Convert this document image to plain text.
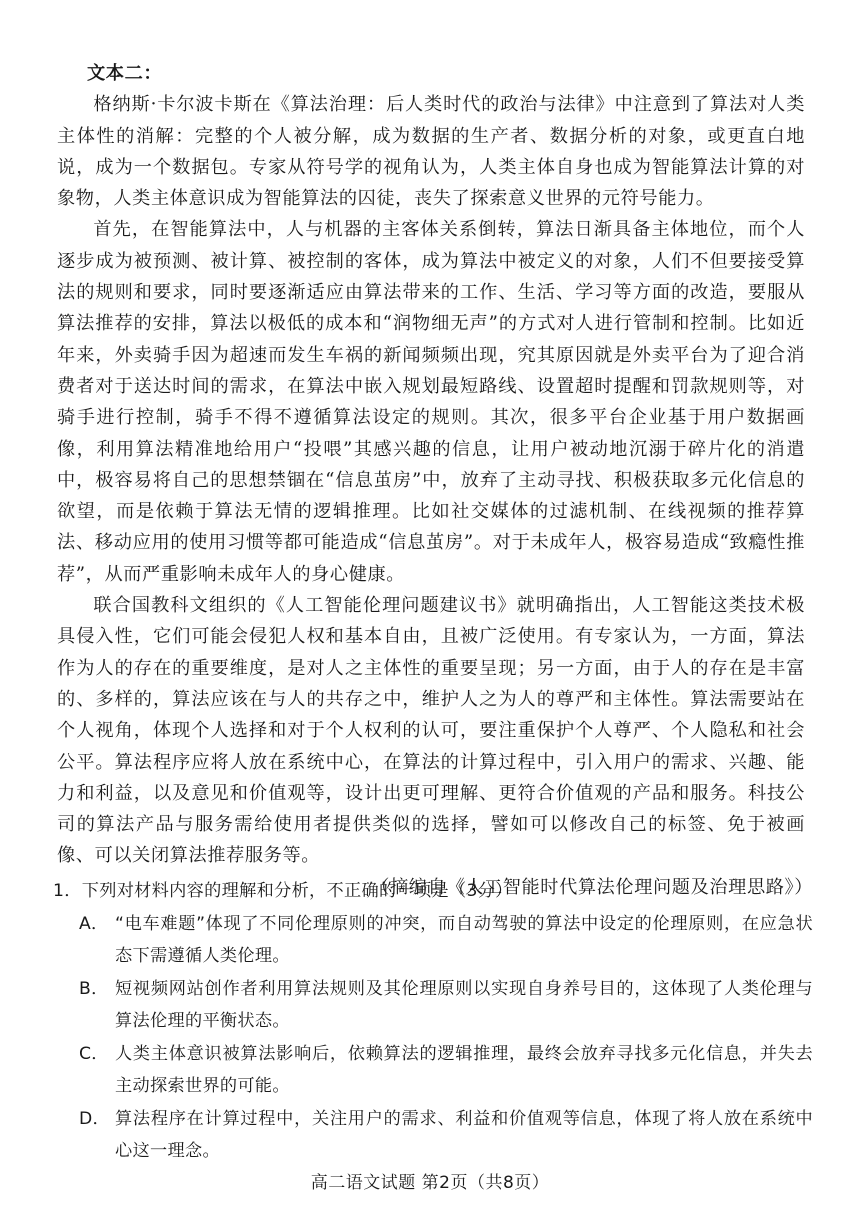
文本二：

格纳斯·卡尔波卡斯在《算法治理：后人类时代的政治与法律》中注意到了算法对人类主体性的消解：完整的个人被分解，成为数据的生产者、数据分析的对象，或更直白地说，成为一个数据包。专家从符号学的视角认为，人类主体自身也成为智能算法计算的对象物，人类主体意识成为智能算法的囚徒，丧失了探索意义世界的元符号能力。

首先，在智能算法中，人与机器的主客体关系倒转，算法日渐具备主体地位，而个人逐步成为被预测、被计算、被控制的客体，成为算法中被定义的对象，人们不但要接受算法的规则和要求，同时要逐渐适应由算法带来的工作、生活、学习等方面的改造，要服从算法推荐的安排，算法以极低的成本和“润物细无声”的方式对人进行管制和控制。比如近年来，外卖骑手因为超速而发生车祸的新闻频频出现，究其原因就是外卖平台为了迎合消费者对于送达时间的需求，在算法中嵌入规划最短路线、设置超时提醒和罚款规则等，对骑手进行控制，骑手不得不遵循算法设定的规则。其次，很多平台企业基于用户数据画像，利用算法精准地给用户“投喂”其感兴趣的信息，让用户被动地沉溺于碎片化的消遣中，极容易将自己的思想禁锢在“信息茧房”中，放弃了主动寻找、积极获取多元化信息的欲望，而是依赖于算法无情的逻辑推理。比如社交媒体的过滤机制、在线视频的推荐算法、移动应用的使用习惯等都可能造成“信息茧房”。对于未成年人，极容易造成“致瘾性推荐”，从而严重影响未成年人的身心健康。

联合国教科文组织的《人工智能伦理问题建议书》就明确指出，人工智能这类技术极具侵入性，它们可能会侵犯人权和基本自由，且被广泛使用。有专家认为，一方面，算法作为人的存在的重要维度，是对人之主体性的重要呈现；另一方面，由于人的存在是丰富的、多样的，算法应该在与人的共存之中，维护人之为人的尊严和主体性。算法需要站在个人视角，体现个人选择和对于个人权利的认可，要注重保护个人尊严、个人隐私和社会公平。算法程序应将人放在系统中心，在算法的计算过程中，引入用户的需求、兴趣、能力和利益，以及意见和价值观等，设计出更可理解、更符合价值观的产品和服务。科技公司的算法产品与服务需给使用者提供类似的选择，譬如可以修改自己的标签、免于被画像、可以关闭算法推荐服务等。

（摘编自《人工智能时代算法伦理问题及治理思路》）

1．下列对材料内容的理解和分析，不正确的一项是（3分）

A． “电车难题”体现了不同伦理原则的冲突，而自动驾驶的算法中设定的伦理原则，在应急状态下需遵循人类伦理。
B． 短视频网站创作者利用算法规则及其伦理原则以实现自身养号目的，这体现了人类伦理与算法伦理的平衡状态。
C． 人类主体意识被算法影响后，依赖算法的逻辑推理，最终会放弃寻找多元化信息，并失去主动探索世界的可能。
D． 算法程序在计算过程中，关注用户的需求、利益和价值观等信息，体现了将人放在系统中心这一理念。
高二语文试题 第2页（共8页）
